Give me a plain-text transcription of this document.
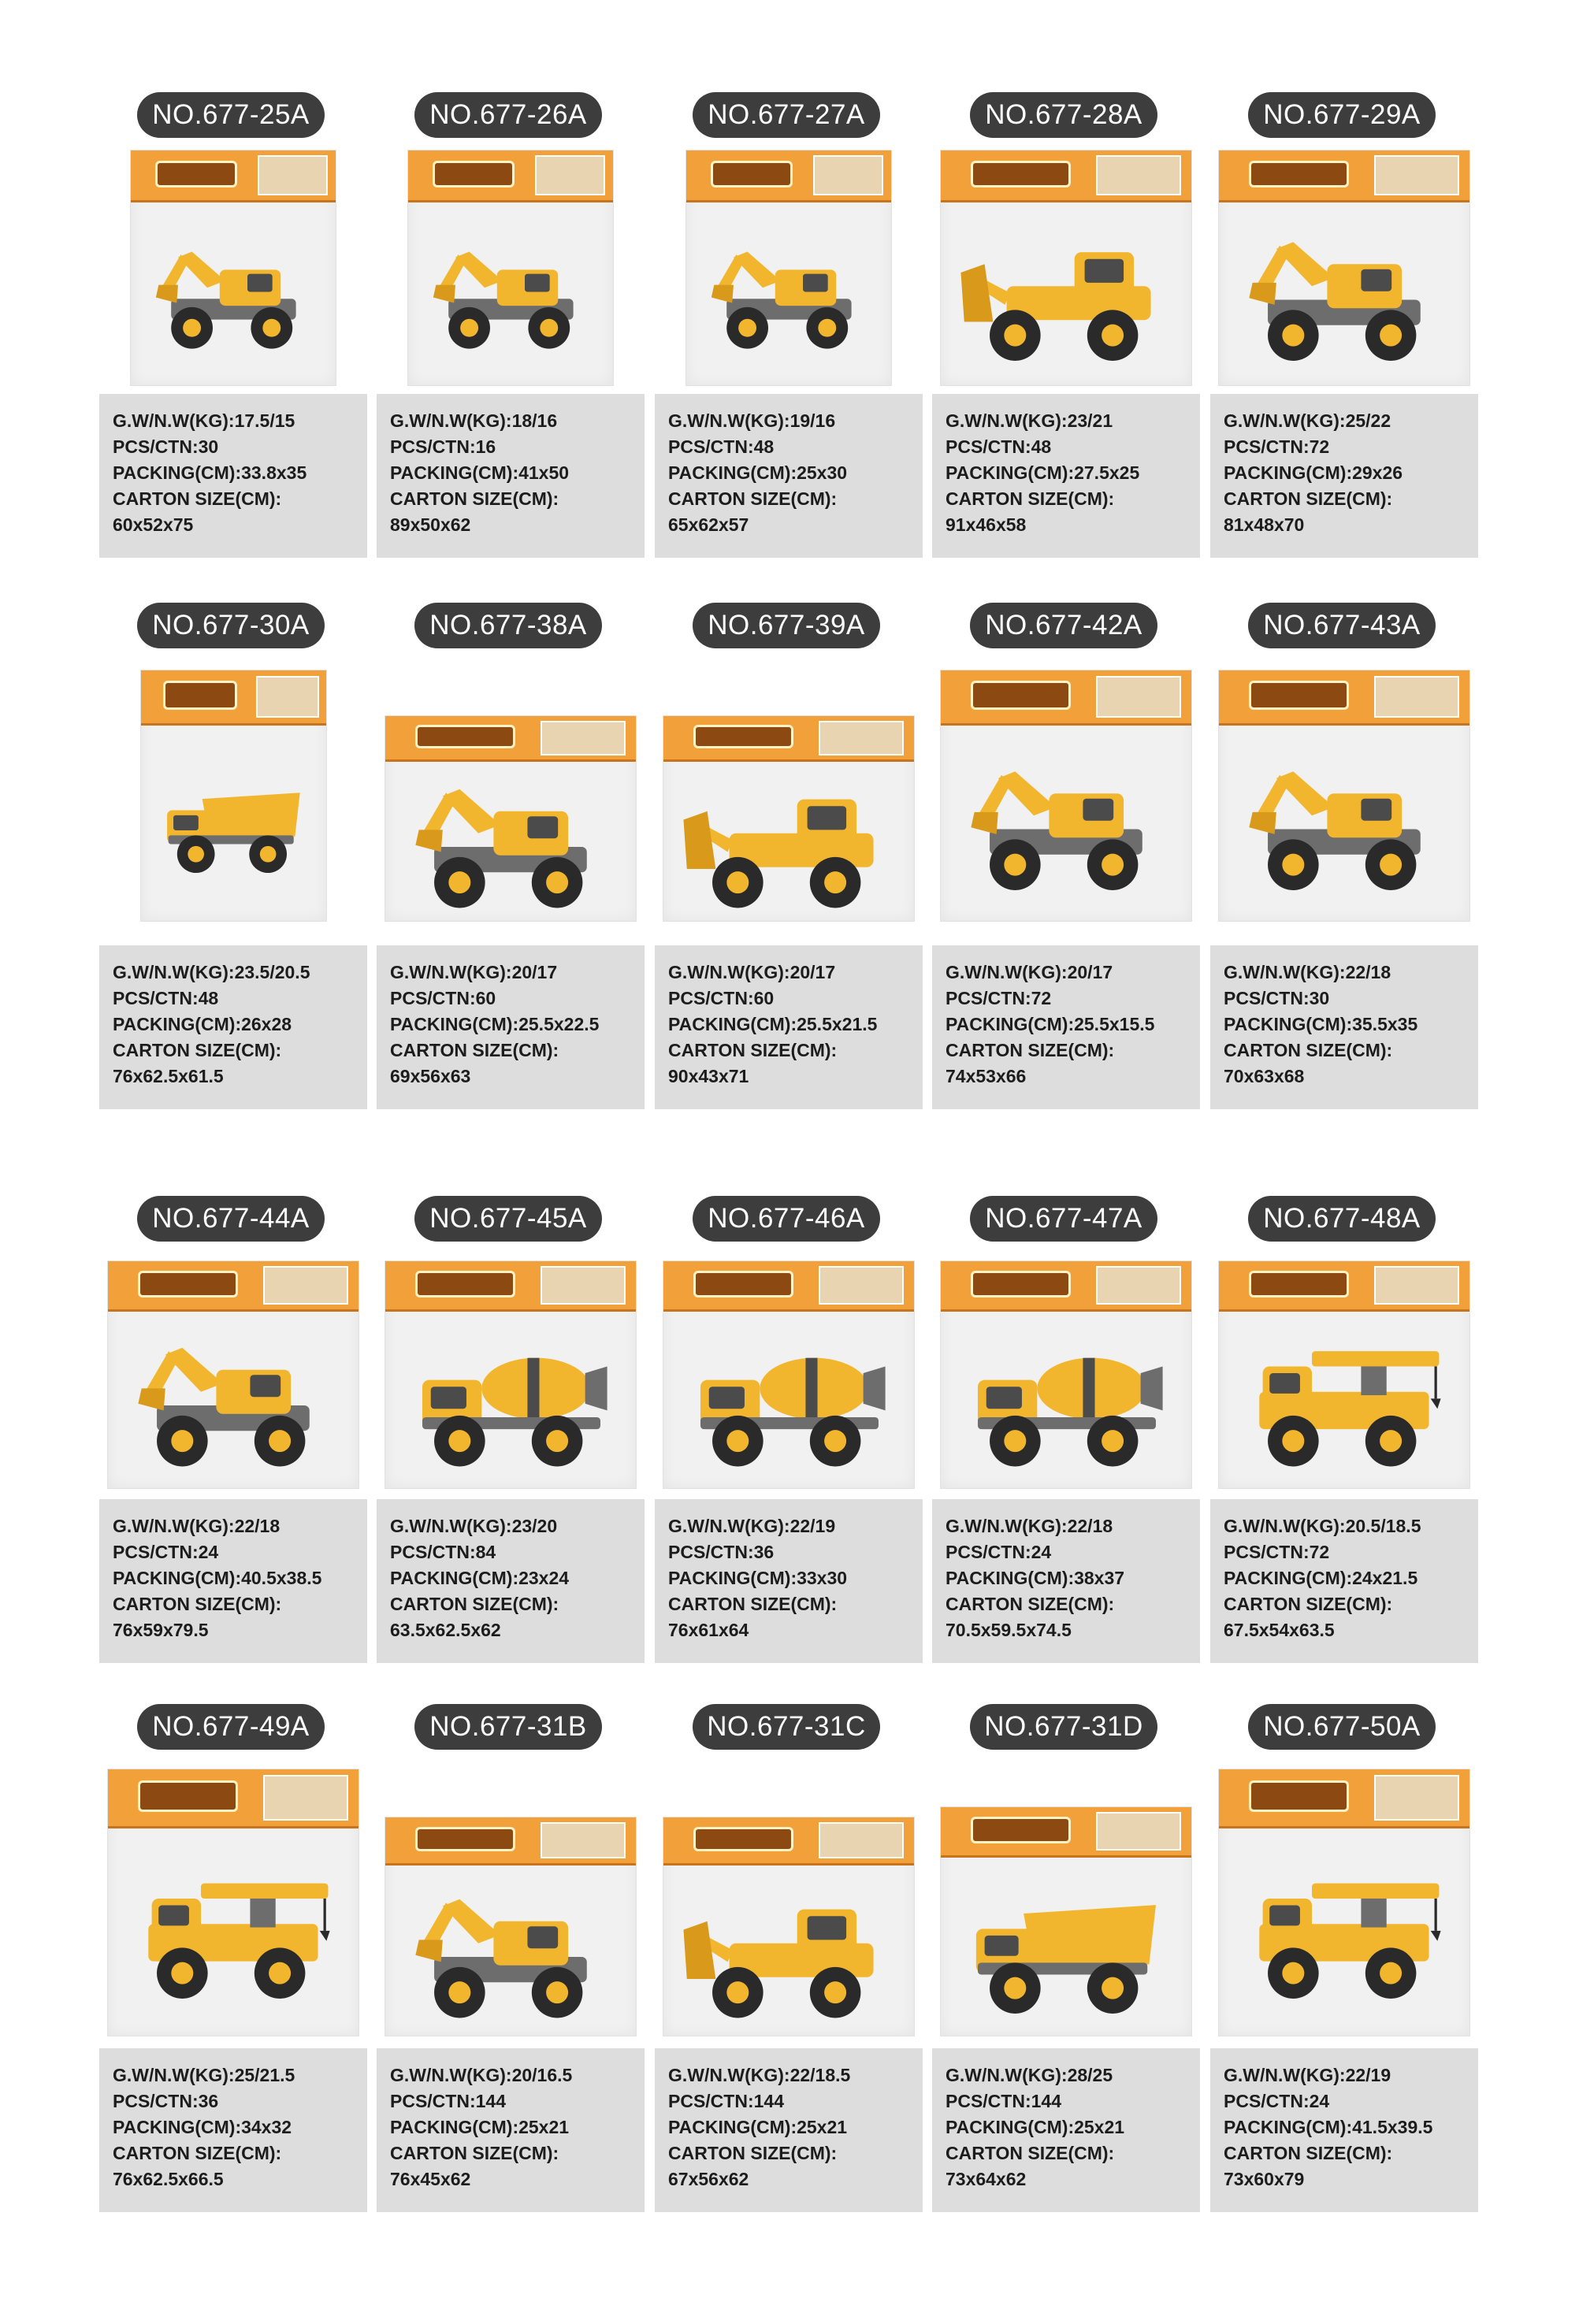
NO.677-25A
G.W/N.W(KG):17.5/15
PCS/CTN:30
PACKING(CM):33.8x35
CARTON SIZE(CM):
60x52x75
NO.677-26A
G.W/N.W(KG):18/16
PCS/CTN:16
PACKING(CM):41x50
CARTON SIZE(CM):
89x50x62
NO.677-27A
G.W/N.W(KG):19/16
PCS/CTN:48
PACKING(CM):25x30
CARTON SIZE(CM):
65x62x57
NO.677-28A
G.W/N.W(KG):23/21
PCS/CTN:48
PACKING(CM):27.5x25
CARTON SIZE(CM):
91x46x58
NO.677-29A
G.W/N.W(KG):25/22
PCS/CTN:72
PACKING(CM):29x26
CARTON SIZE(CM):
81x48x70
NO.677-30A
G.W/N.W(KG):23.5/20.5
PCS/CTN:48
PACKING(CM):26x28
CARTON SIZE(CM):
76x62.5x61.5
NO.677-38A
G.W/N.W(KG):20/17
PCS/CTN:60
PACKING(CM):25.5x22.5
CARTON SIZE(CM):
69x56x63
NO.677-39A
G.W/N.W(KG):20/17
PCS/CTN:60
PACKING(CM):25.5x21.5
CARTON SIZE(CM):
90x43x71
NO.677-42A
G.W/N.W(KG):20/17
PCS/CTN:72
PACKING(CM):25.5x15.5
CARTON SIZE(CM):
74x53x66
NO.677-43A
G.W/N.W(KG):22/18
PCS/CTN:30
PACKING(CM):35.5x35
CARTON SIZE(CM):
70x63x68
NO.677-44A
G.W/N.W(KG):22/18
PCS/CTN:24
PACKING(CM):40.5x38.5
CARTON SIZE(CM):
76x59x79.5
NO.677-45A
G.W/N.W(KG):23/20
PCS/CTN:84
PACKING(CM):23x24
CARTON SIZE(CM):
63.5x62.5x62
NO.677-46A
G.W/N.W(KG):22/19
PCS/CTN:36
PACKING(CM):33x30
CARTON SIZE(CM):
76x61x64
NO.677-47A
G.W/N.W(KG):22/18
PCS/CTN:24
PACKING(CM):38x37
CARTON SIZE(CM):
70.5x59.5x74.5
NO.677-48A
G.W/N.W(KG):20.5/18.5
PCS/CTN:72
PACKING(CM):24x21.5
CARTON SIZE(CM):
67.5x54x63.5
NO.677-49A
G.W/N.W(KG):25/21.5
PCS/CTN:36
PACKING(CM):34x32
CARTON SIZE(CM):
76x62.5x66.5
NO.677-31B
G.W/N.W(KG):20/16.5
PCS/CTN:144
PACKING(CM):25x21
CARTON SIZE(CM):
76x45x62
NO.677-31C
G.W/N.W(KG):22/18.5
PCS/CTN:144
PACKING(CM):25x21
CARTON SIZE(CM):
67x56x62
NO.677-31D
G.W/N.W(KG):28/25
PCS/CTN:144
PACKING(CM):25x21
CARTON SIZE(CM):
73x64x62
NO.677-50A
G.W/N.W(KG):22/19
PCS/CTN:24
PACKING(CM):41.5x39.5
CARTON SIZE(CM):
73x60x79
